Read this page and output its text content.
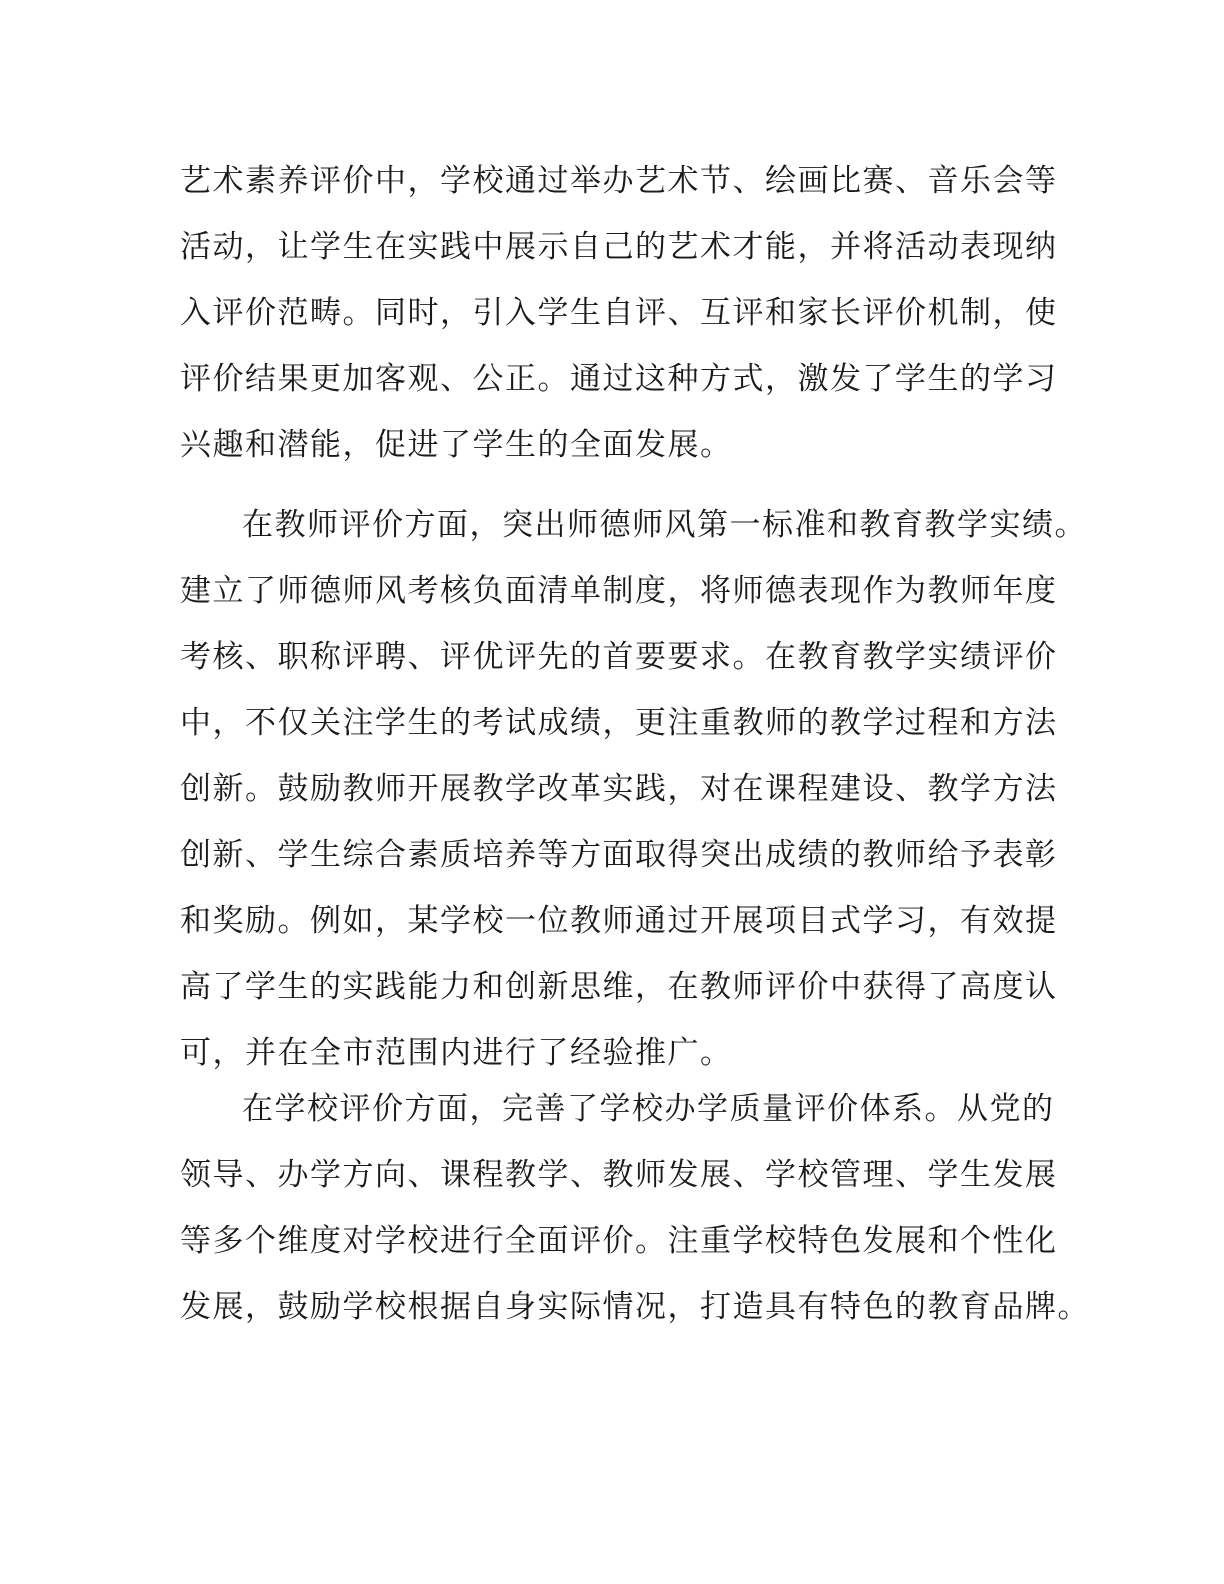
艺术素养评价中，学校通过举办艺术节、绘画比赛、音乐会等
活动，让学生在实践中展示自己的艺术才能，并将活动表现纳
入评价范畴。同时，引入学生自评、互评和家长评价机制，使
评价结果更加客观、公正。通过这种方式，激发了学生的学习
兴趣和潜能，促进了学生的全面发展。
在教师评价方面，突出师德师风第一标准和教育教学实绩。
建立了师德师风考核负面清单制度，将师德表现作为教师年度
考核、职称评聘、评优评先的首要要求。在教育教学实绩评价
中，不仅关注学生的考试成绩，更注重教师的教学过程和方法
创新。鼓励教师开展教学改革实践，对在课程建设、教学方法
创新、学生综合素质培养等方面取得突出成绩的教师给予表彰
和奖励。例如，某学校一位教师通过开展项目式学习，有效提
高了学生的实践能力和创新思维，在教师评价中获得了高度认
可，并在全市范围内进行了经验推广。
在学校评价方面，完善了学校办学质量评价体系。从党的
领导、办学方向、课程教学、教师发展、学校管理、学生发展
等多个维度对学校进行全面评价。注重学校特色发展和个性化
发展，鼓励学校根据自身实际情况，打造具有特色的教育品牌。
